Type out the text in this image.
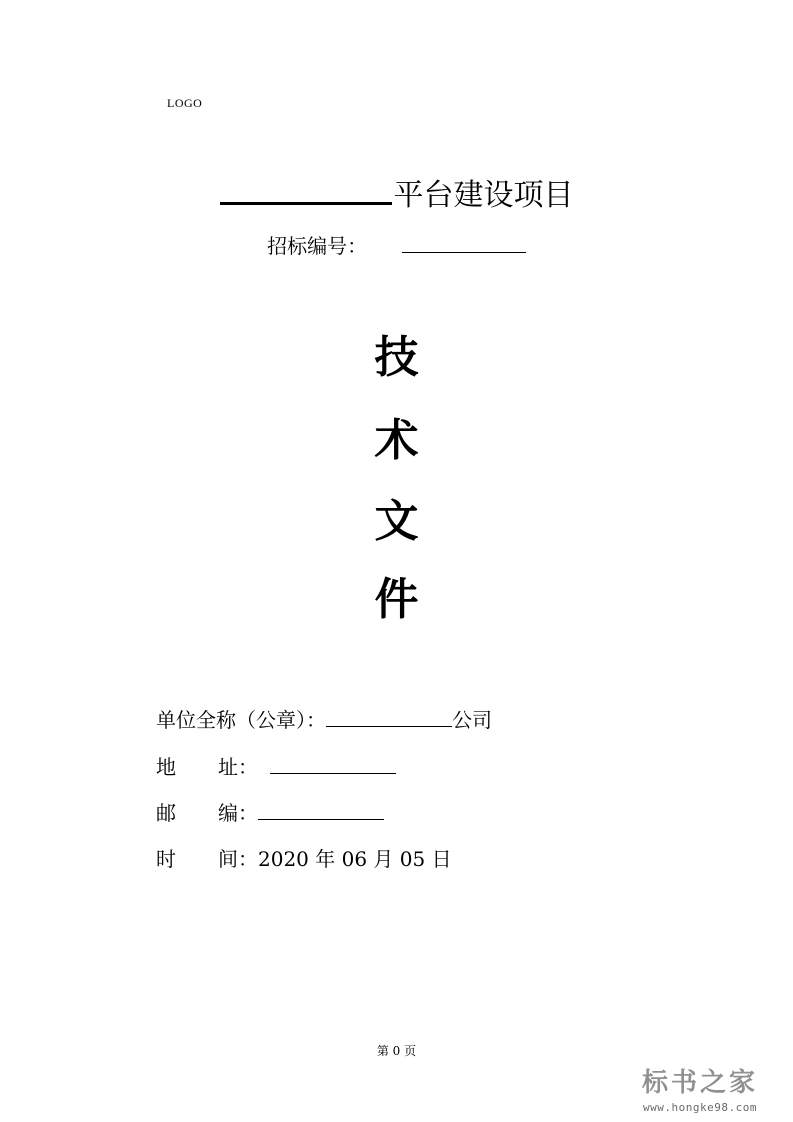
LOGO
平台建设项目
招标编号：
技
术
文
件
单位全称（公章）：	公司
地 址：
邮 编：
时 间：2020 年 06 月 05 日
第 0 页
标书之家
www.hongke98.com
